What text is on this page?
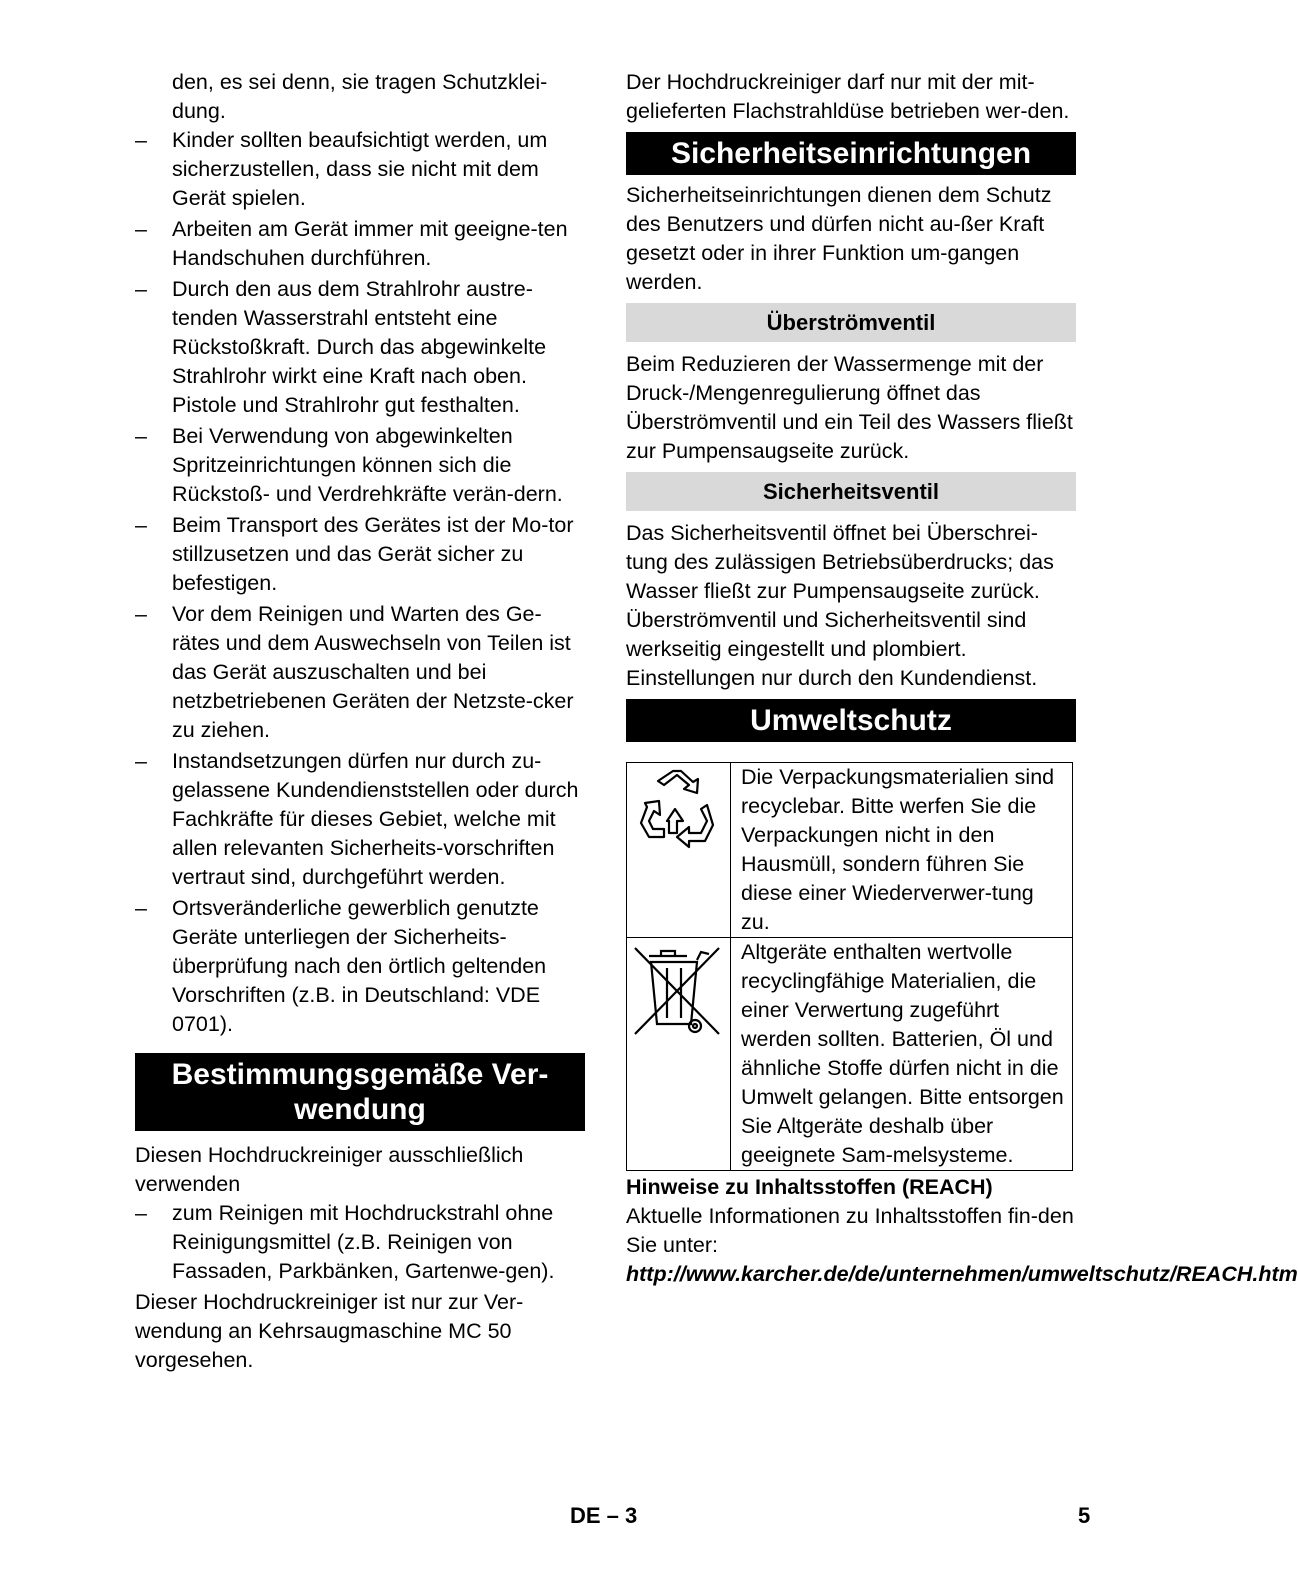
den, es sei denn, sie tragen Schutzklei-dung.

– Kinder sollten beaufsichtigt werden, um sicherzustellen, dass sie nicht mit dem Gerät spielen.
– Arbeiten am Gerät immer mit geeigne-ten Handschuhen durchführen.
– Durch den aus dem Strahlrohr austre-tenden Wasserstrahl entsteht eine Rückstoßkraft. Durch das abgewinkelte Strahlrohr wirkt eine Kraft nach oben. Pistole und Strahlrohr gut festhalten.
– Bei Verwendung von abgewinkelten Spritzeinrichtungen können sich die Rückstoß- und Verdrehkräfte verän-dern.
– Beim Transport des Gerätes ist der Mo-tor stillzusetzen und das Gerät sicher zu befestigen.
– Vor dem Reinigen und Warten des Ge-rätes und dem Auswechseln von Teilen ist das Gerät auszuschalten und bei netzbetriebenen Geräten der Netzste-cker zu ziehen.
– Instandsetzungen dürfen nur durch zu-gelassene Kundendienststellen oder durch Fachkräfte für dieses Gebiet, welche mit allen relevanten Sicherheits-vorschriften vertraut sind, durchgeführt werden.
– Ortsveränderliche gewerblich genutzte Geräte unterliegen der Sicherheits-überprüfung nach den örtlich geltenden Vorschriften (z.B. in Deutschland: VDE 0701).
Bestimmungsgemäße Ver-wendung

Diesen Hochdruckreiniger ausschließlich verwenden

– zum Reinigen mit Hochdruckstrahl ohne Reinigungsmittel (z.B. Reinigen von Fassaden, Parkbänken, Gartenwe-gen).

Dieser Hochdruckreiniger ist nur zur Ver-wendung an Kehrsaugmaschine MC 50 vorgesehen.

Der Hochdruckreiniger darf nur mit der mit-gelieferten Flachstrahldüse betrieben wer-den.

Sicherheitseinrichtungen

Sicherheitseinrichtungen dienen dem Schutz des Benutzers und dürfen nicht au-ßer Kraft gesetzt oder in ihrer Funktion um-gangen werden.

Überströmventil

Beim Reduzieren der Wassermenge mit der Druck-/Mengenregulierung öffnet das Überströmventil und ein Teil des Wassers fließt zur Pumpensaugseite zurück.

Sicherheitsventil

Das Sicherheitsventil öffnet bei Überschrei-tung des zulässigen Betriebsüberdrucks; das Wasser fließt zur Pumpensaugseite zurück.

Überströmventil und Sicherheitsventil sind werkseitig eingestellt und plombiert.

Einstellungen nur durch den Kundendienst.

Umweltschutz
	Die Verpackungsmaterialien sind recyclebar. Bitte werfen Sie die Verpackungen nicht in den Hausmüll, sondern führen Sie diese einer Wiederverwer-tung zu.
	Altgeräte enthalten wertvolle recyclingfähige Materialien, die einer Verwertung zugeführt werden sollten. Batterien, Öl und ähnliche Stoffe dürfen nicht in die Umwelt gelangen. Bitte entsorgen Sie Altgeräte deshalb über geeignete Sam-melsysteme.

Hinweise zu Inhaltsstoffen (REACH)

Aktuelle Informationen zu Inhaltsstoffen fin-den Sie unter:

http://www.karcher.de/de/unternehmen/umweltschutz/REACH.htm

DE – 3	5
